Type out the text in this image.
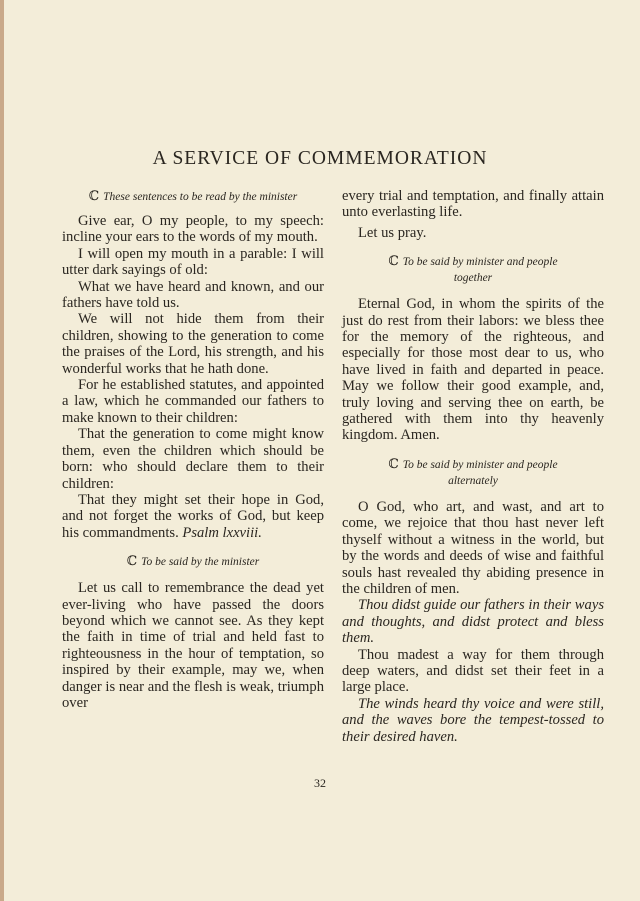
A SERVICE OF COMMEMORATION
ℂ These sentences to be read by the minister

Give ear, O my people, to my speech: incline your ears to the words of my mouth.

I will open my mouth in a parable: I will utter dark sayings of old:

What we have heard and known, and our fathers have told us.

We will not hide them from their children, showing to the generation to come the praises of the Lord, his strength, and his wonderful works that he hath done.

For he established statutes, and appointed a law, which he commanded our fathers to make known to their children:

That the generation to come might know them, even the children which should be born: who should declare them to their children:

That they might set their hope in God, and not forget the works of God, but keep his commandments. Psalm lxxviii.

ℂ To be said by the minister

Let us call to remembrance the dead yet ever-living who have passed the doors beyond which we cannot see. As they kept the faith in time of trial and held fast to righteousness in the hour of temptation, so inspired by their example, may we, when danger is near and the flesh is weak, triumph over

every trial and temptation, and finally attain unto everlasting life.

Let us pray.

ℂ To be said by minister and people
together

Eternal God, in whom the spirits of the just do rest from their labors: we bless thee for the memory of the righteous, and especially for those most dear to us, who have lived in faith and departed in peace. May we follow their good example, and, truly loving and serving thee on earth, be gathered with them into thy heavenly kingdom. Amen.

ℂ To be said by minister and people
alternately

O God, who art, and wast, and art to come, we rejoice that thou hast never left thyself without a witness in the world, but by the words and deeds of wise and faithful souls hast revealed thy abiding presence in the children of men.

Thou didst guide our fathers in their ways and thoughts, and didst protect and bless them.

Thou madest a way for them through deep waters, and didst set their feet in a large place.

The winds heard thy voice and were still, and the waves bore the tempest-tossed to their desired haven.

32
